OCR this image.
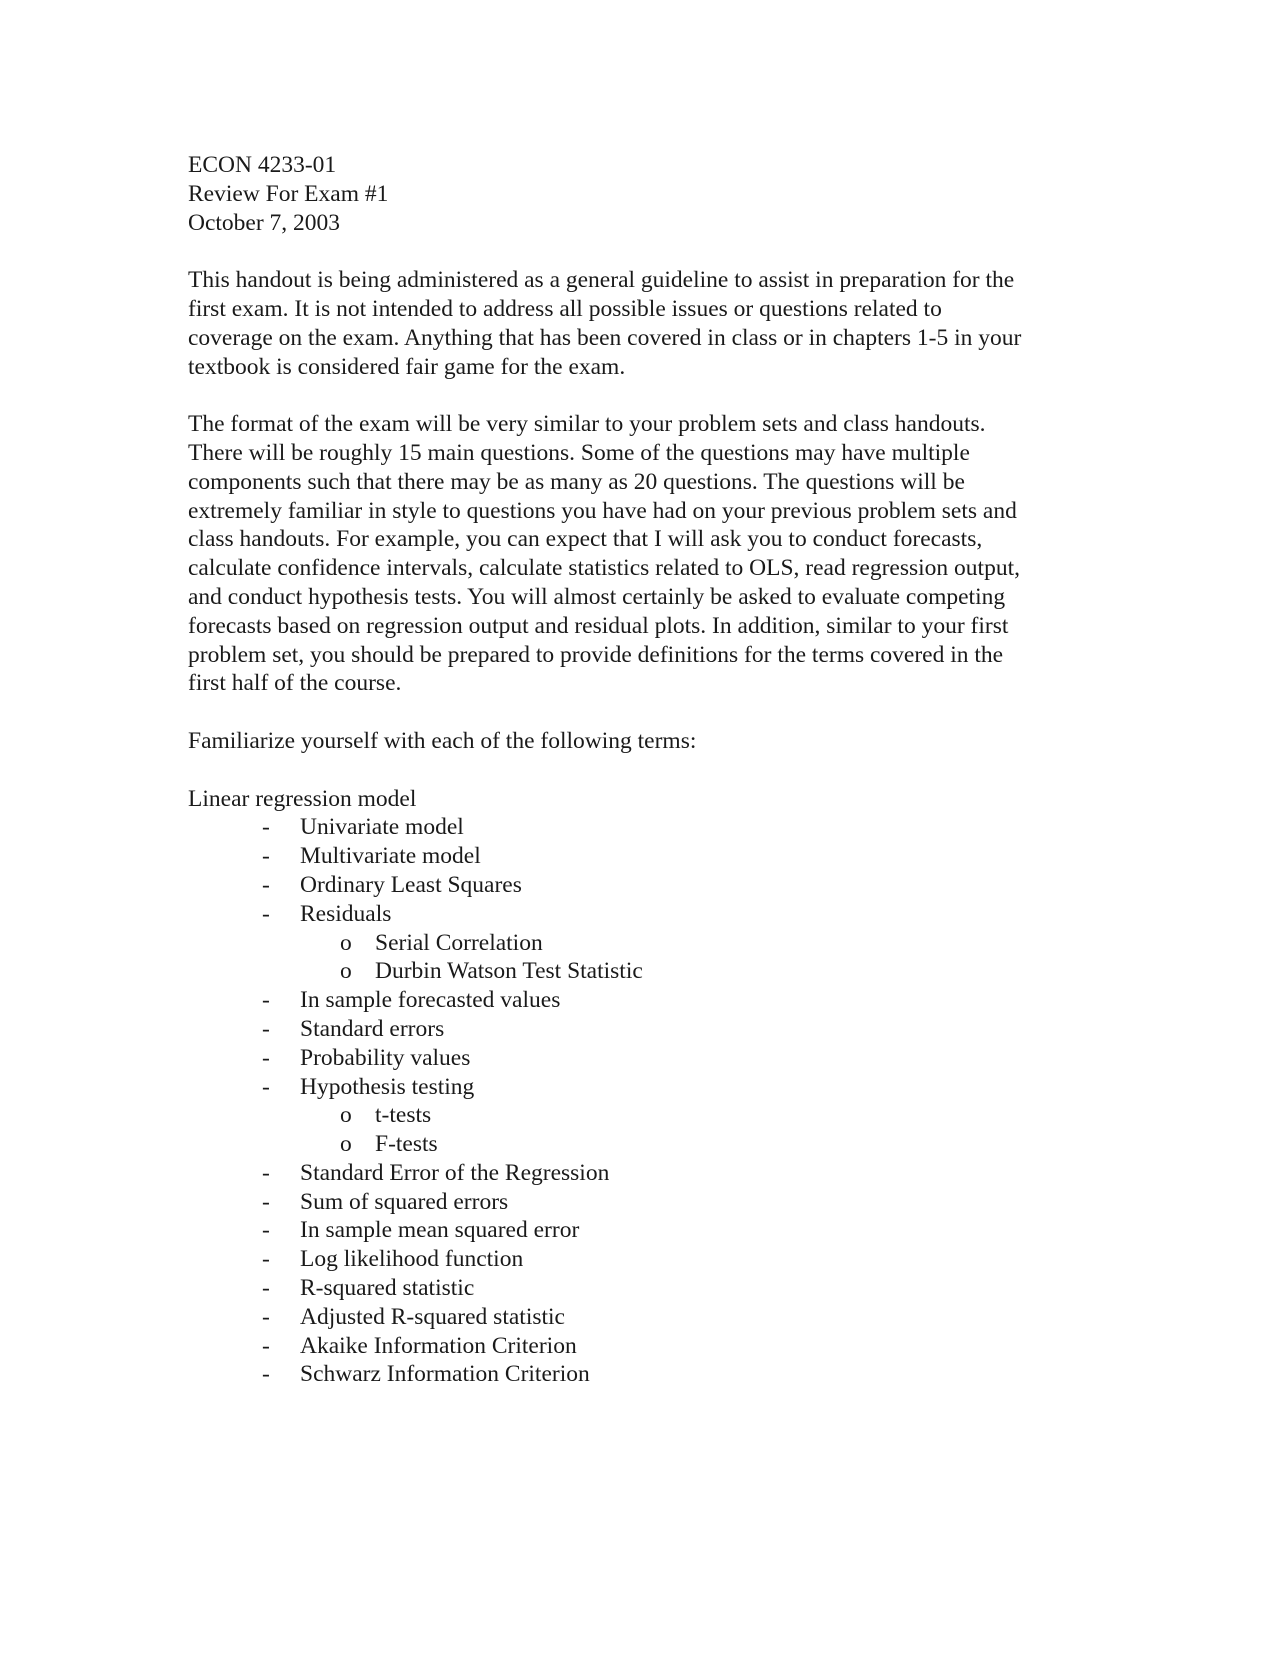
ECON 4233-01
Review For Exam #1
October 7, 2003
This handout is being administered as a general guideline to assist in preparation for the
first exam. It is not intended to address all possible issues or questions related to
coverage on the exam. Anything that has been covered in class or in chapters 1-5 in your
textbook is considered fair game for the exam.
The format of the exam will be very similar to your problem sets and class handouts.
There will be roughly 15 main questions. Some of the questions may have multiple
components such that there may be as many as 20 questions. The questions will be
extremely familiar in style to questions you have had on your previous problem sets and
class handouts. For example, you can expect that I will ask you to conduct forecasts,
calculate confidence intervals, calculate statistics related to OLS, read regression output,
and conduct hypothesis tests. You will almost certainly be asked to evaluate competing
forecasts based on regression output and residual plots. In addition, similar to your first
problem set, you should be prepared to provide definitions for the terms covered in the
first half of the course.
Familiarize yourself with each of the following terms:
Linear regression model
- Univariate model
- Multivariate model
- Ordinary Least Squares
- Residuals
o Serial Correlation
o Durbin Watson Test Statistic
- In sample forecasted values
- Standard errors
- Probability values
- Hypothesis testing
o t-tests
o F-tests
- Standard Error of the Regression
- Sum of squared errors
- In sample mean squared error
- Log likelihood function
- R-squared statistic
- Adjusted R-squared statistic
- Akaike Information Criterion
- Schwarz Information Criterion
